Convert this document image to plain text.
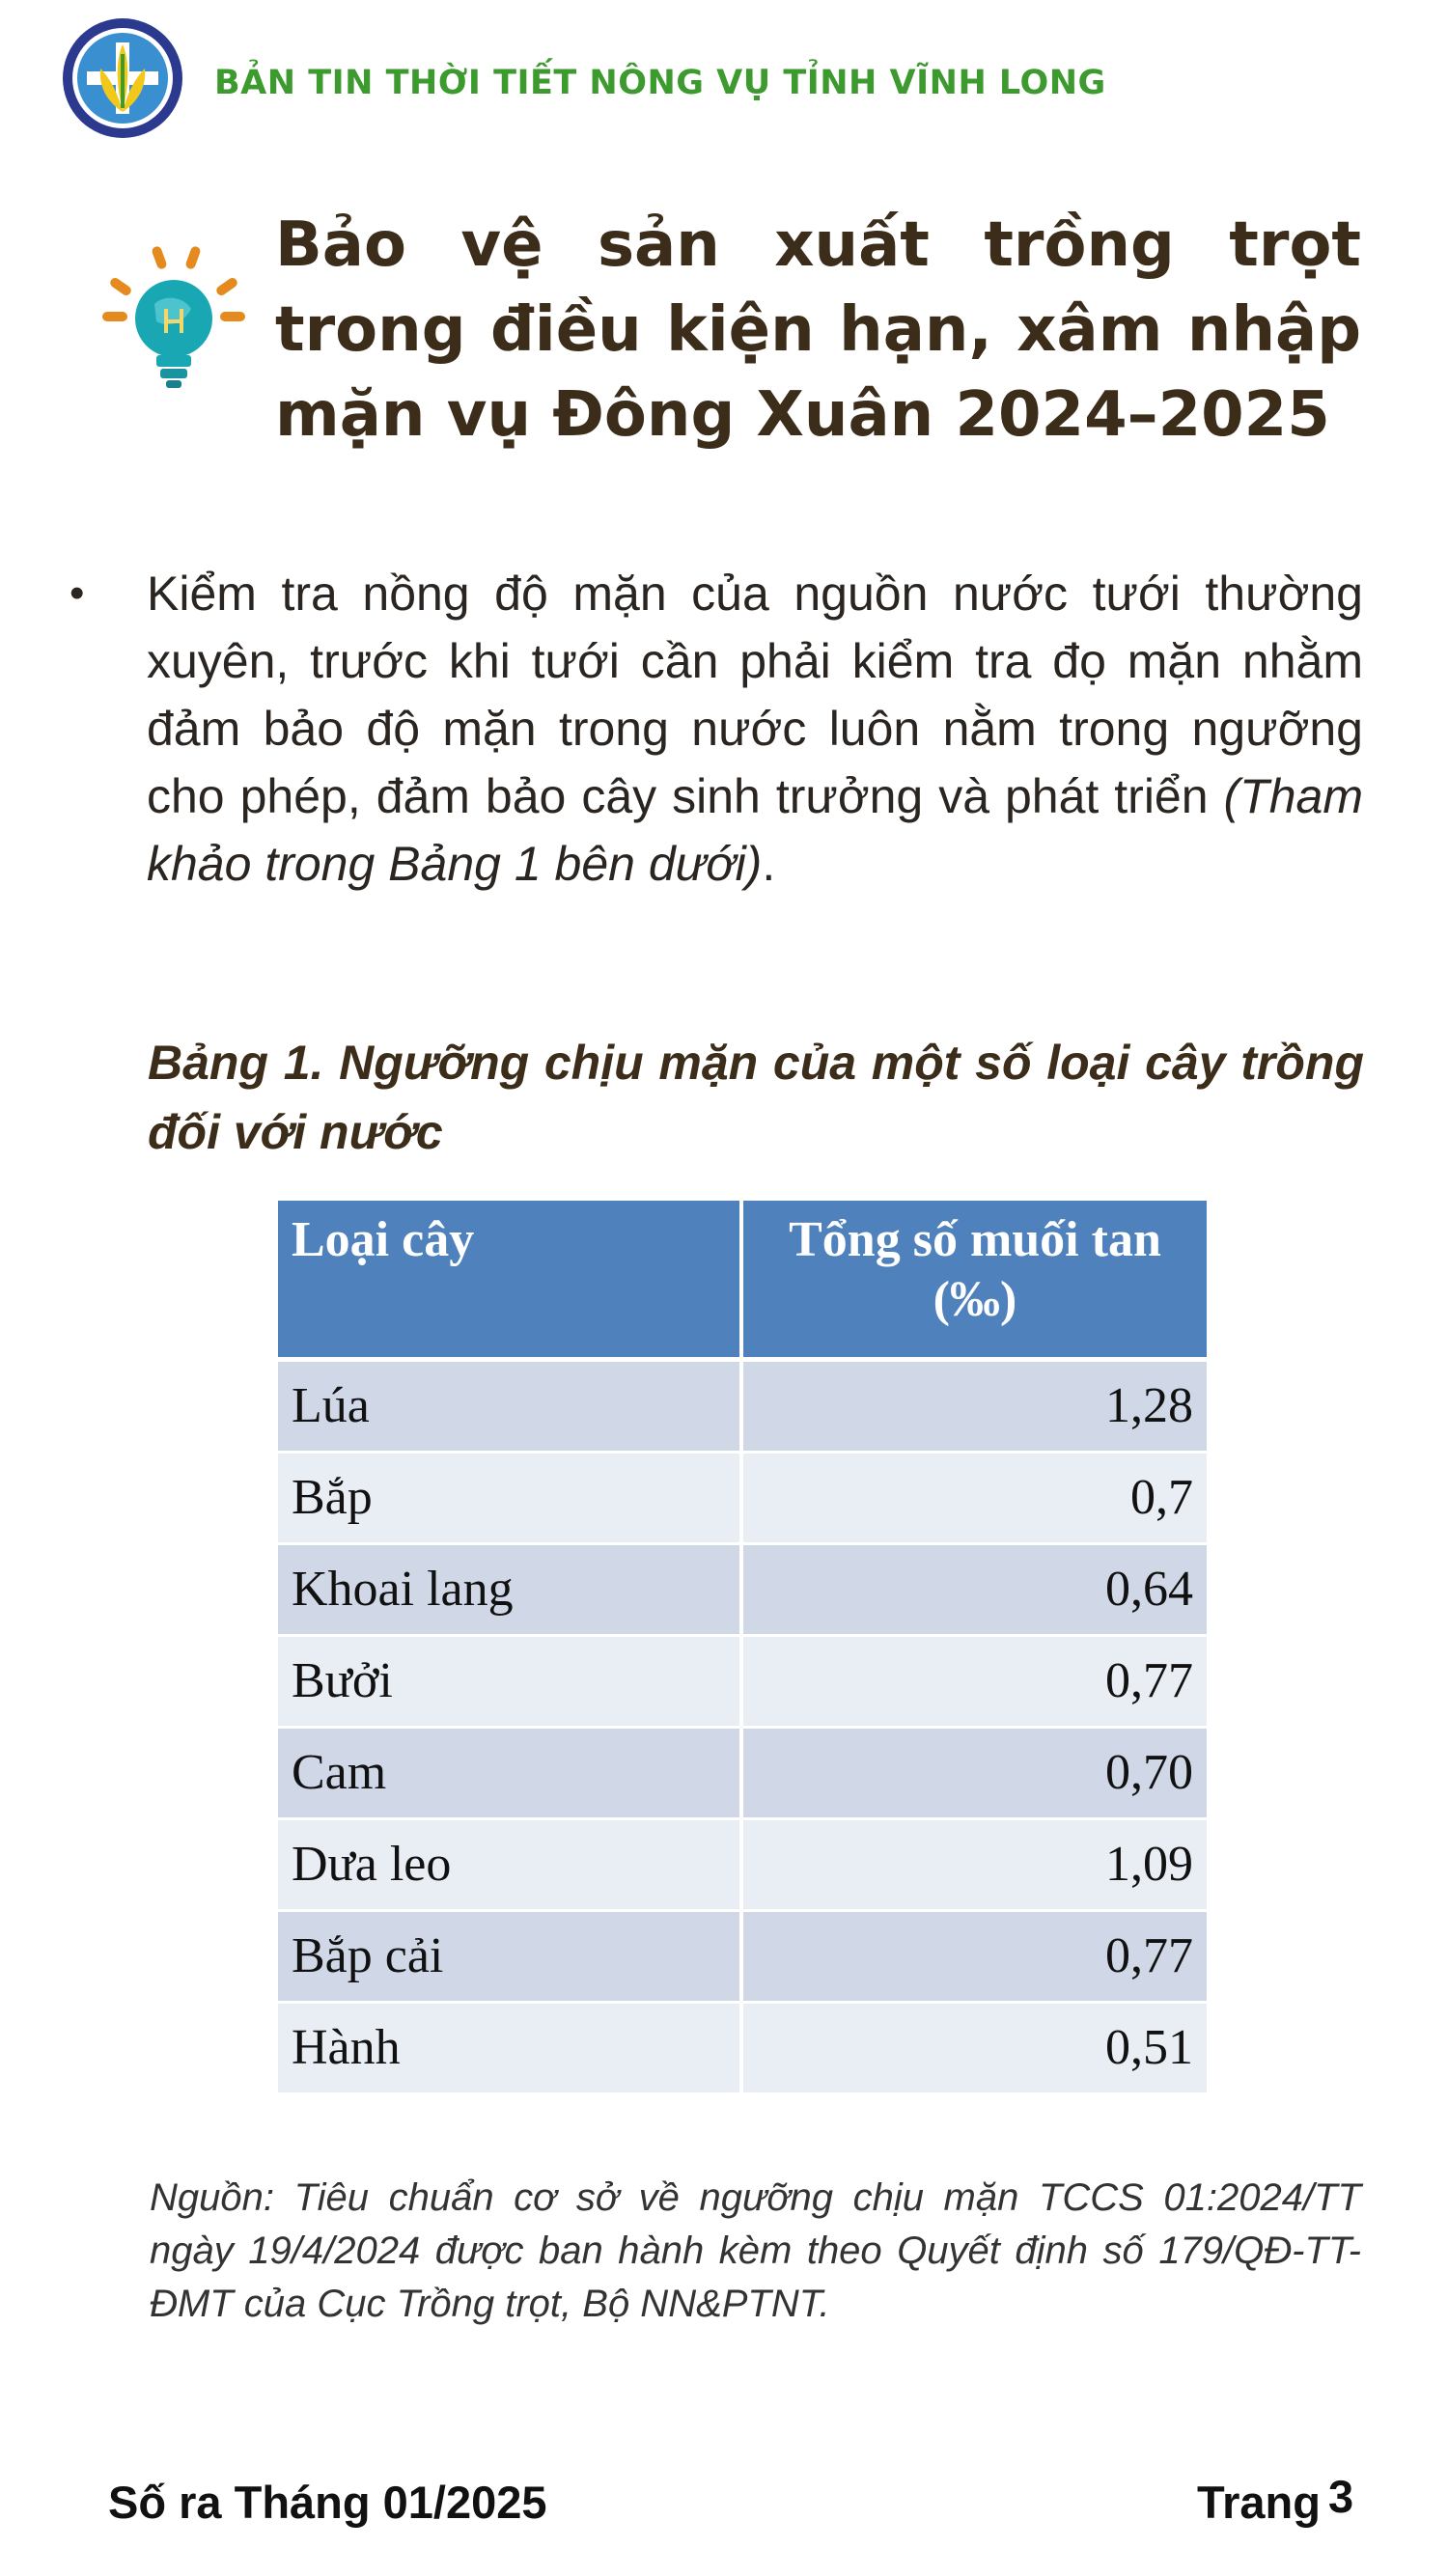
BẢN TIN THỜI TIẾT NÔNG VỤ TỈNH VĨNH LONG
Bảo vệ sản xuất trồng trọt trong điều kiện hạn, xâm nhập mặn vụ Đông Xuân 2024–2025
• Kiểm tra nồng độ mặn của nguồn nước tưới thường xuyên, trước khi tưới cần phải kiểm tra đọ mặn nhằm đảm bảo độ mặn trong nước luôn nằm trong ngưỡng cho phép, đảm bảo cây sinh trưởng và phát triển (Tham khảo trong Bảng 1 bên dưới).
Bảng 1. Ngưỡng chịu mặn của một số loại cây trồng đối với nước
Loại cây	Tổng số muối tan (‰)
Lúa	1,28
Bắp	0,7
Khoai lang	0,64
Bưởi	0,77
Cam	0,70
Dưa leo	1,09
Bắp cải	0,77
Hành	0,51
Nguồn: Tiêu chuẩn cơ sở về ngưỡng chịu mặn TCCS 01:2024/TT ngày 19/4/2024 được ban hành kèm theo Quyết định số 179/QĐ-TT-ĐMT của Cục Trồng trọt, Bộ NN&PTNT.
Số ra Tháng 01/2025	Trang 3
